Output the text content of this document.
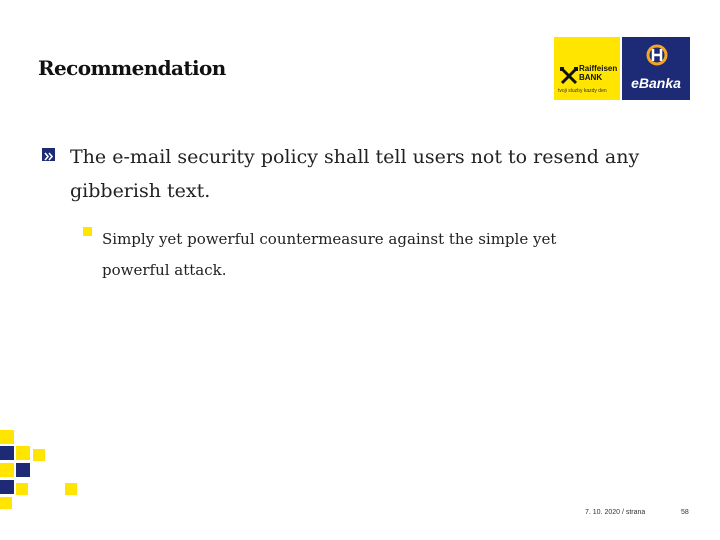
Recommendation	Raiffeisen
BANK
tvoji sluzby kazdy den	eBanka
The e-mail security policy shall tell users not to resend any gibberish text.
Simply yet powerful countermeasure against the simple yet powerful attack.
7. 10. 2020 / strana	58
